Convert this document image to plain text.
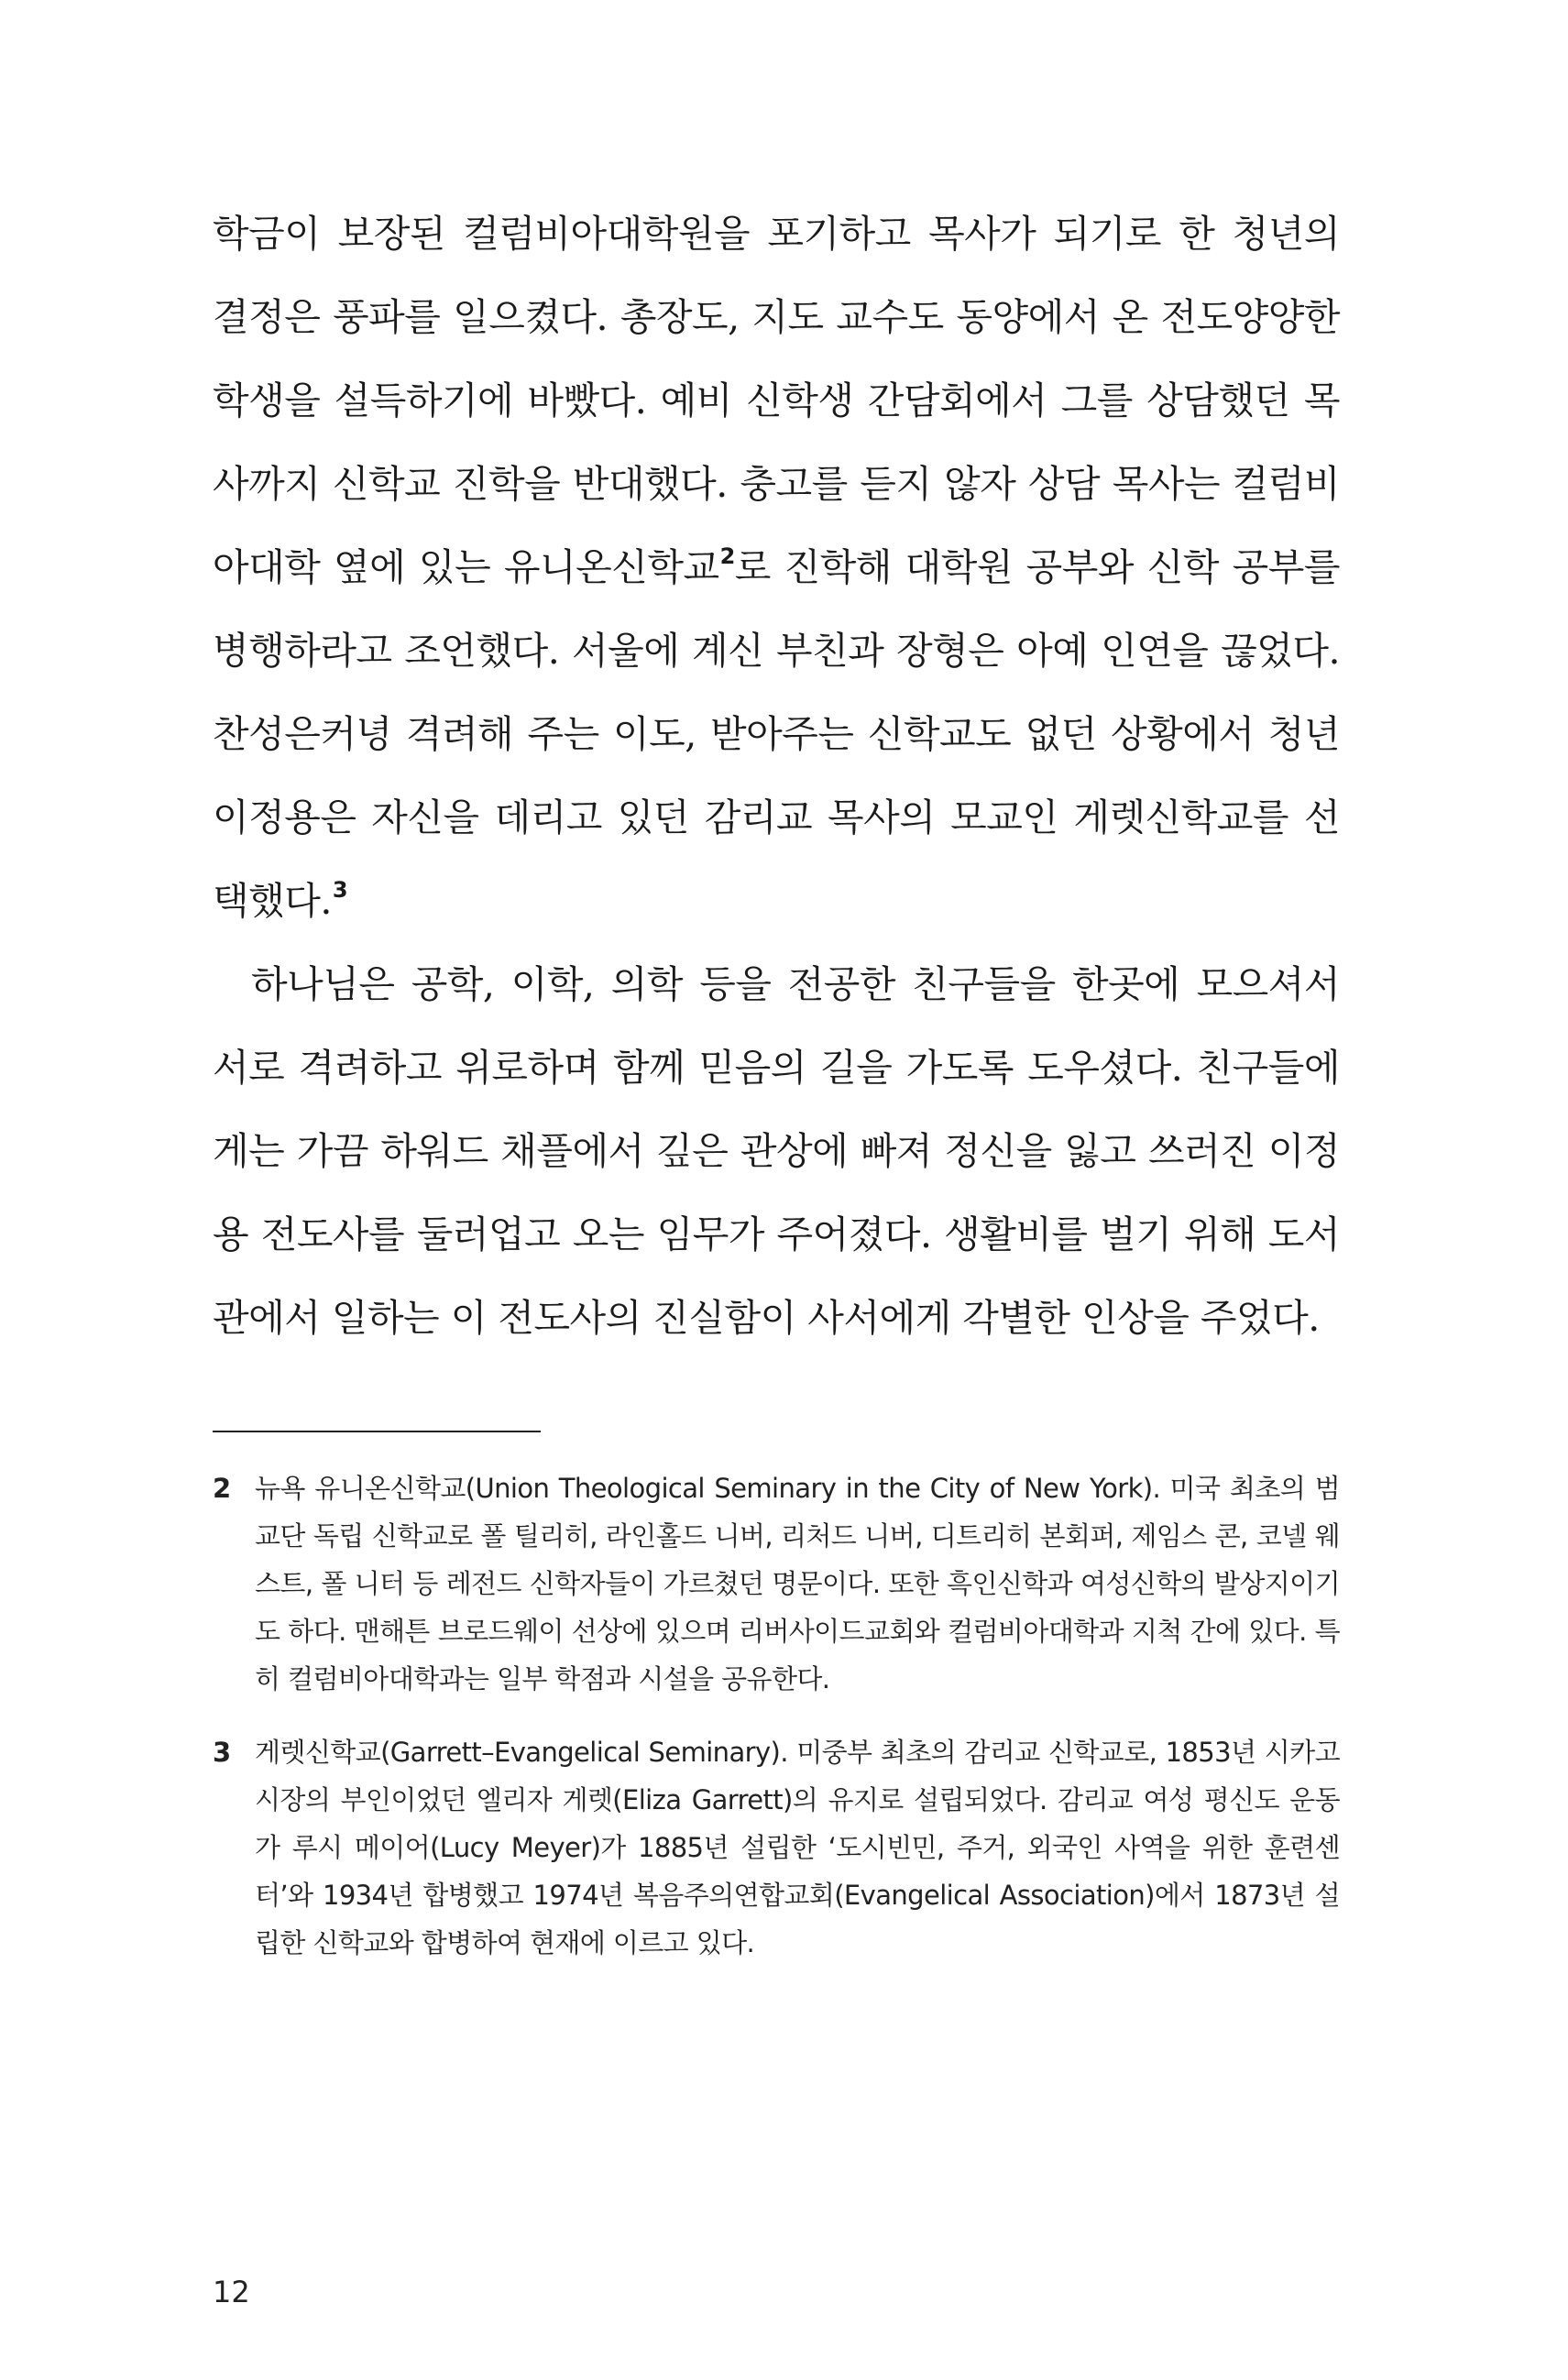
학금이 보장된 컬럼비아대학원을 포기하고 목사가 되기로 한 청년의 결정은 풍파를 일으켰다. 총장도, 지도 교수도 동양에서 온 전도양양한 학생을 설득하기에 바빴다. 예비 신학생 간담회에서 그를 상담했던 목사까지 신학교 진학을 반대했다. 충고를 듣지 않자 상담 목사는 컬럼비아대학 옆에 있는 유니온신학교$^2$로 진학해 대학원 공부와 신학 공부를 병행하라고 조언했다. 서울에 계신 부친과 장형은 아예 인연을 끊었다. 찬성은커녕 격려해 주는 이도, 받아주는 신학교도 없던 상황에서 청년 이정용은 자신을 데리고 있던 감리교 목사의 모교인 게렛신학교를 선택했다.$^3$

하나님은 공학, 이학, 의학 등을 전공한 친구들을 한곳에 모으셔서 서로 격려하고 위로하며 함께 믿음의 길을 가도록 도우셨다. 친구들에게는 가끔 하워드 채플에서 깊은 관상에 빠져 정신을 잃고 쓰러진 이정용 전도사를 둘러업고 오는 임무가 주어졌다. 생활비를 벌기 위해 도서관에서 일하는 이 전도사의 진실함이 사서에게 각별한 인상을 주었다.

2 뉴욕 유니온신학교(Union Theological Seminary in the City of New York). 미국 최초의 범교단 독립 신학교로 폴 틸리히, 라인홀드 니버, 리처드 니버, 디트리히 본회퍼, 제임스 콘, 코넬 웨스트, 폴 니터 등 레전드 신학자들이 가르쳤던 명문이다. 또한 흑인신학과 여성신학의 발상지이기도 하다. 맨해튼 브로드웨이 선상에 있으며 리버사이드교회와 컬럼비아대학과 지척 간에 있다. 특히 컬럼비아대학과는 일부 학점과 시설을 공유한다.
3 게렛신학교(Garrett–Evangelical Seminary). 미중부 최초의 감리교 신학교로, 1853년 시카고 시장의 부인이었던 엘리자 게렛(Eliza Garrett)의 유지로 설립되었다. 감리교 여성 평신도 운동가 루시 메이어(Lucy Meyer)가 1885년 설립한 ‘도시빈민, 주거, 외국인 사역을 위한 훈련센터’와 1934년 합병했고 1974년 복음주의연합교회(Evangelical Association)에서 1873년 설립한 신학교와 합병하여 현재에 이르고 있다.
12
